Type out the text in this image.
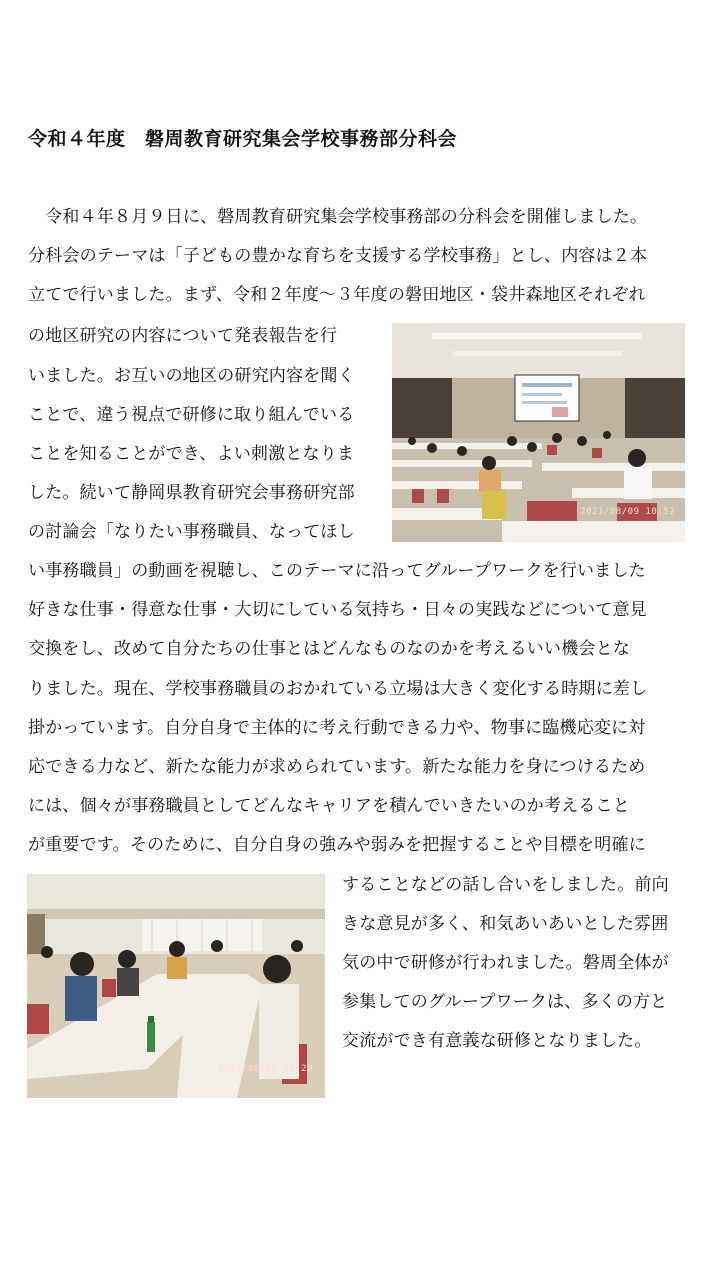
令和４年度　磐周教育研究集会学校事務部分科会
　令和４年８月９日に、磐周教育研究集会学校事務部の分科会を開催しました。
分科会のテーマは「子どもの豊かな育ちを支援する学校事務」とし、内容は２本
立てで行いました。まず、令和２年度～３年度の磐田地区・袋井森地区それぞれ
の地区研究の内容について発表報告を行
いました。お互いの地区の研究内容を聞く
ことで、違う視点で研修に取り組んでいる
ことを知ることができ、よい刺激となりま
した。続いて静岡県教育研究会事務研究部
の討論会「なりたい事務職員、なってほし
い事務職員」の動画を視聴し、このテーマに沿ってグループワークを行いました
好きな仕事・得意な仕事・大切にしている気持ち・日々の実践などについて意見
交換をし、改めて自分たちの仕事とはどんなものなのかを考えるいい機会とな
りました。現在、学校事務職員のおかれている立場は大きく変化する時期に差し
掛かっています。自分自身で主体的に考え行動できる力や、物事に臨機応変に対
応できる力など、新たな能力が求められています。新たな能力を身につけるため
には、個々が事務職員としてどんなキャリアを積んでいきたいのか考えること
が重要です。そのために、自分自身の強みや弱みを把握することや目標を明確に
することなどの話し合いをしました。前向
きな意見が多く、和気あいあいとした雰囲
気の中で研修が行われました。磐周全体が
参集してのグループワークは、多くの方と
交流ができ有意義な研修となりました。
2021/08/09 10:52
2021/08/09 11:20
